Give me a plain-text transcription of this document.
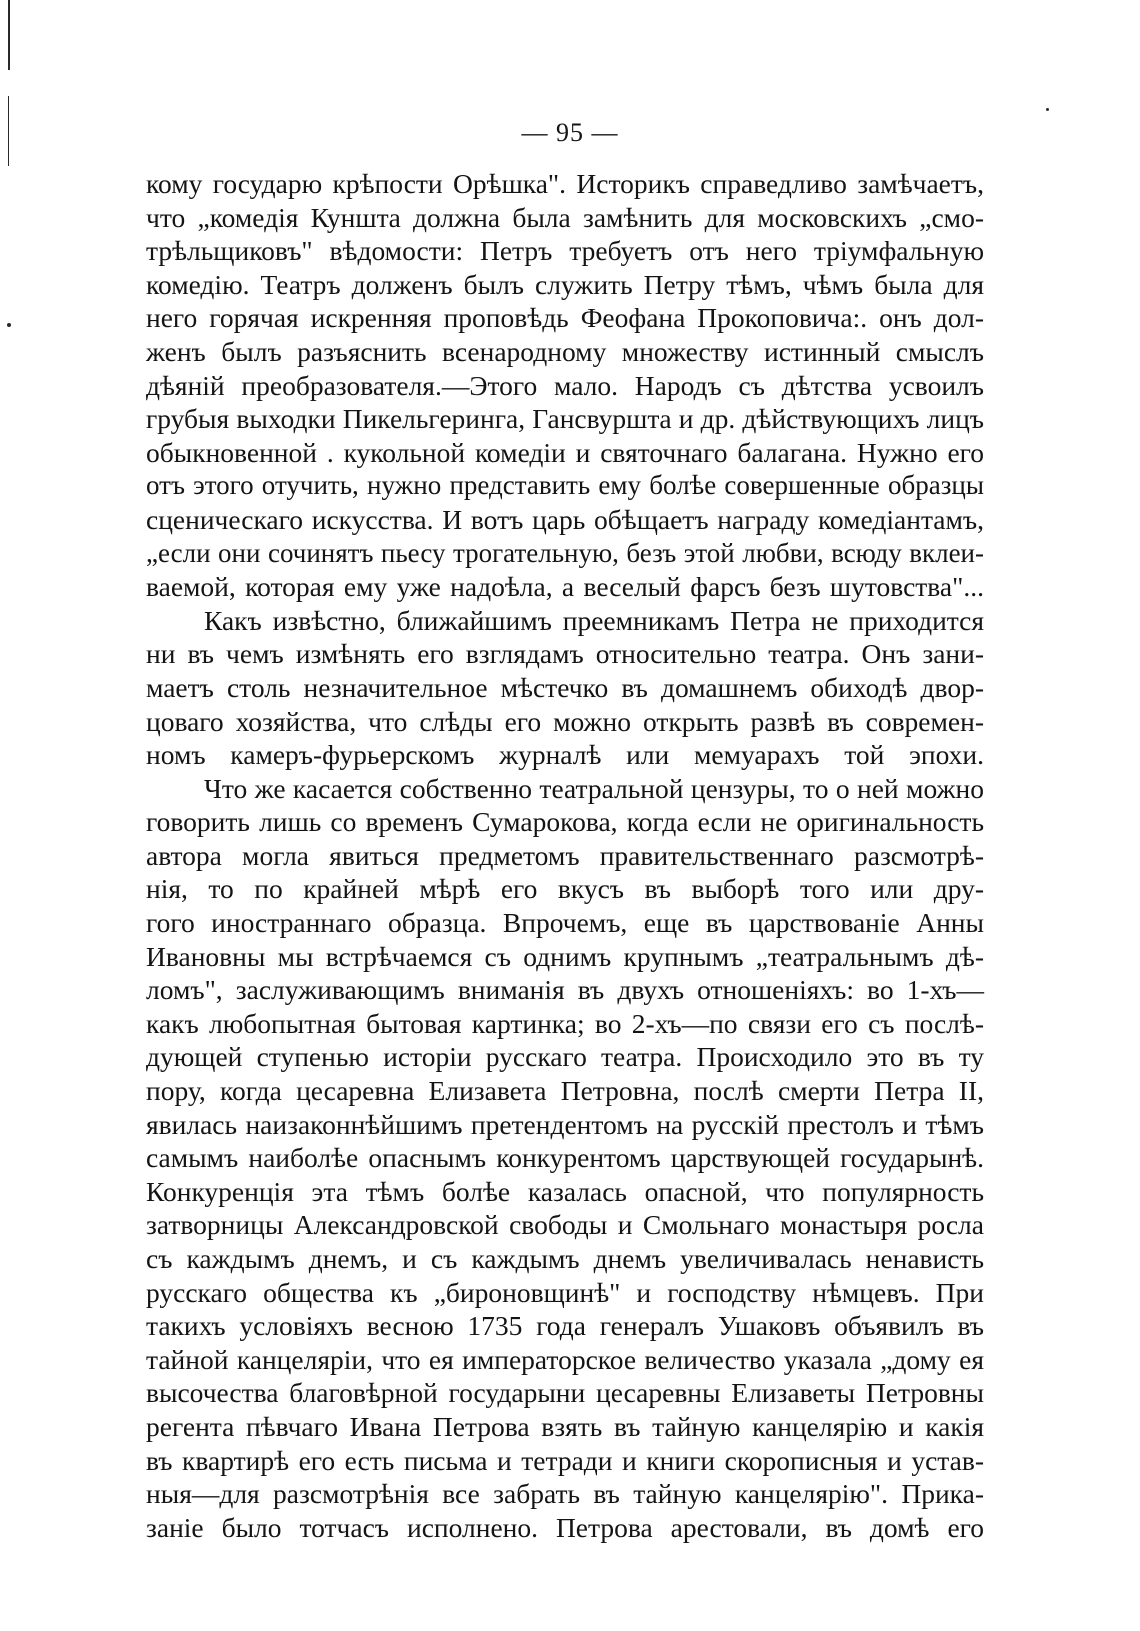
— 95 —
кому государю крѣпости Орѣшка". Историкъ справедливо замѣчаетъ,
что „комедія Кунштa должна была замѣнить для московскихъ „смо-
трѣльщиковъ" вѣдомости: Петръ требуетъ отъ него тріумфальную
комедію. Театръ долженъ былъ служить Петру тѣмъ, чѣмъ была для
него горячая искренняя проповѣдь Феофана Прокоповича:. онъ дол-
женъ былъ разъяснить всенародному множеству истинный смыслъ
дѣяній преобразователя.—Этого мало. Народъ съ дѣтства усвоилъ
грубыя выходки Пикельгеринга, Гансвурштa и др. дѣйствующихъ лицъ
обыкновенной . кукольной комедіи и святочнаго балагана. Нужно его
отъ этого отучить, нужно представить ему болѣе совершенные образцы
сценическаго искусства. И вотъ царь обѣщаетъ награду комедіантамъ,
„если они сочинятъ пьесу трогательную, безъ этой любви, всюду вклеи-
ваемой, которая ему уже надоѣла, а веселый фарсъ безъ шутовства"...
Какъ извѣстно, ближайшимъ преемникамъ Петра не приходится
ни въ чемъ измѣнять его взглядамъ относительно театра. Онъ зани-
маетъ столь незначительное мѣстечко въ домашнемъ обиходѣ двор-
цоваго хозяйства, что слѣды его можно открыть развѣ въ современ-
номъ камеръ-фурьерскомъ журналѣ или мемуарахъ той эпохи.
Что же касается собственно театральной цензуры, то о ней можно
говорить лишь со временъ Сумарокова, когда если не оригинальность
автора могла явиться предметомъ правительственнаго разсмотрѣ-
нія, то по крайней мѣрѣ его вкусъ въ выборѣ того или дру-
гого иностраннаго образца. Впрочемъ, еще въ царствованіе Анны
Ивановны мы встрѣчаемся съ однимъ крупнымъ „театральнымъ дѣ-
ломъ", заслуживающимъ вниманія въ двухъ отношеніяхъ: во 1-хъ—
какъ любопытная бытовая картинка; во 2-хъ—по связи его съ послѣ-
дующей ступенью исторіи русскаго театра. Происходило это въ ту
пору, когда цесаревна Елизавета Петровна, послѣ смерти Петра II,
явилась наизаконнѣйшимъ претендентомъ на русскій престолъ и тѣмъ
самымъ наиболѣе опаснымъ конкурентомъ царствующей государынѣ.
Конкуренція эта тѣмъ болѣе казалась опасной, что популярность
затворницы Александровской свободы и Смольнаго монастыря росла
съ каждымъ днемъ, и съ каждымъ днемъ увеличивалась ненависть
русскаго общества къ „бироновщинѣ" и господству нѣмцевъ. При
такихъ условіяхъ весною 1735 года генералъ Ушаковъ объявилъ въ
тайной канцеляріи, что ея императорское величество указала „дому ея
высочества благовѣрной государыни цесаревны Елизаветы Петровны
регента пѣвчаго Ивана Петрова взять въ тайную канцелярію и какія
въ квартирѣ его есть письма и тетради и книги скорописныя и устав-
ныя—для разсмотрѣнія все забрать въ тайную канцелярію". Прика-
заніе было тотчасъ исполнено. Петрова арестовали, въ домѣ его
